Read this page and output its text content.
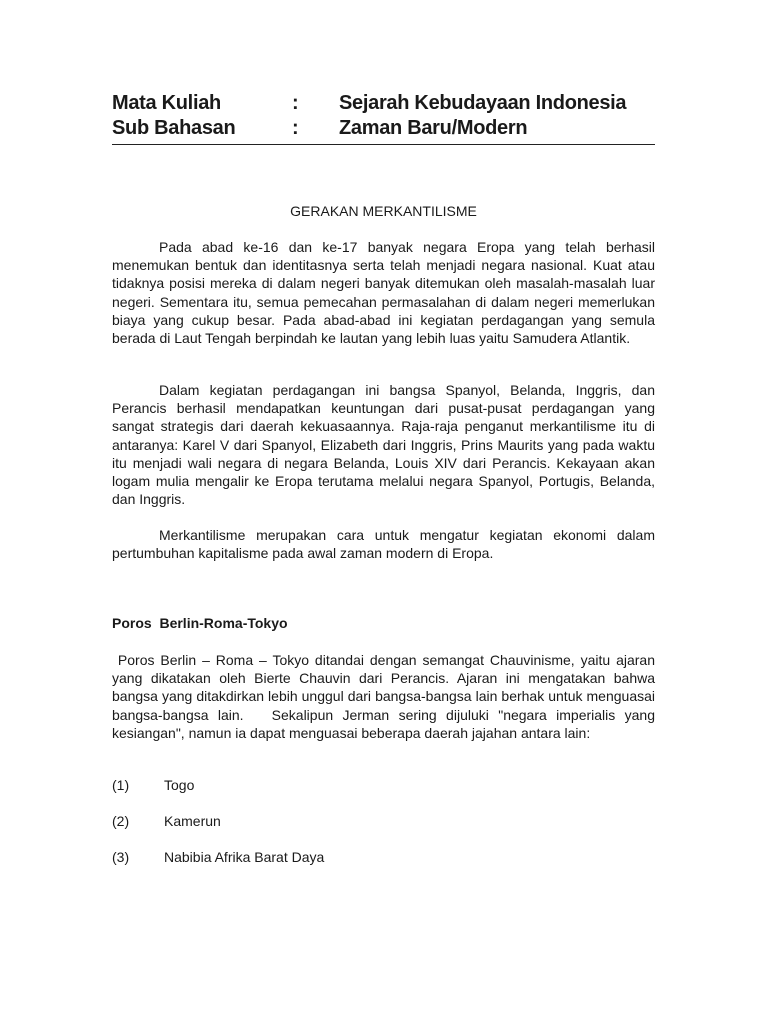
Mata Kuliah	:	Sejarah Kebudayaan Indonesia
Sub Bahasan	:	Zaman Baru/Modern
GERAKAN MERKANTILISME

Pada abad ke-16 dan ke-17 banyak negara Eropa yang telah berhasil menemukan bentuk dan identitasnya serta telah menjadi negara nasional. Kuat atau tidaknya posisi mereka di dalam negeri banyak ditemukan oleh masalah-masalah luar negeri. Sementara itu, semua pemecahan permasalahan di dalam negeri memerlukan biaya yang cukup besar. Pada abad-abad ini kegiatan perdagangan yang semula berada di Laut Tengah berpindah ke lautan yang lebih luas yaitu Samudera Atlantik.

Dalam kegiatan perdagangan ini bangsa Spanyol, Belanda, Inggris, dan Perancis berhasil mendapatkan keuntungan dari pusat-pusat perdagangan yang sangat strategis dari daerah kekuasaannya. Raja-raja penganut merkantilisme itu di antaranya: Karel V dari Spanyol, Elizabeth dari Inggris, Prins Maurits yang pada waktu itu menjadi wali negara di negara Belanda, Louis XIV dari Perancis. Kekayaan akan logam mulia mengalir ke Eropa terutama melalui negara Spanyol, Portugis, Belanda, dan Inggris.

Merkantilisme merupakan cara untuk mengatur kegiatan ekonomi dalam pertumbuhan kapitalisme pada awal zaman modern di Eropa.

Poros  Berlin-Roma-Tokyo

Poros Berlin – Roma – Tokyo ditandai dengan semangat Chauvinisme, yaitu ajaran yang dikatakan oleh Bierte Chauvin dari Perancis. Ajaran ini mengatakan bahwa bangsa yang ditakdirkan lebih unggul dari bangsa-bangsa lain berhak untuk menguasai bangsa-bangsa lain.   Sekalipun Jerman sering dijuluki "negara imperialis yang kesiangan", namun ia dapat menguasai beberapa daerah jajahan antara lain:

(1)	Togo
(2)	Kamerun
(3)	Nabibia Afrika Barat Daya
